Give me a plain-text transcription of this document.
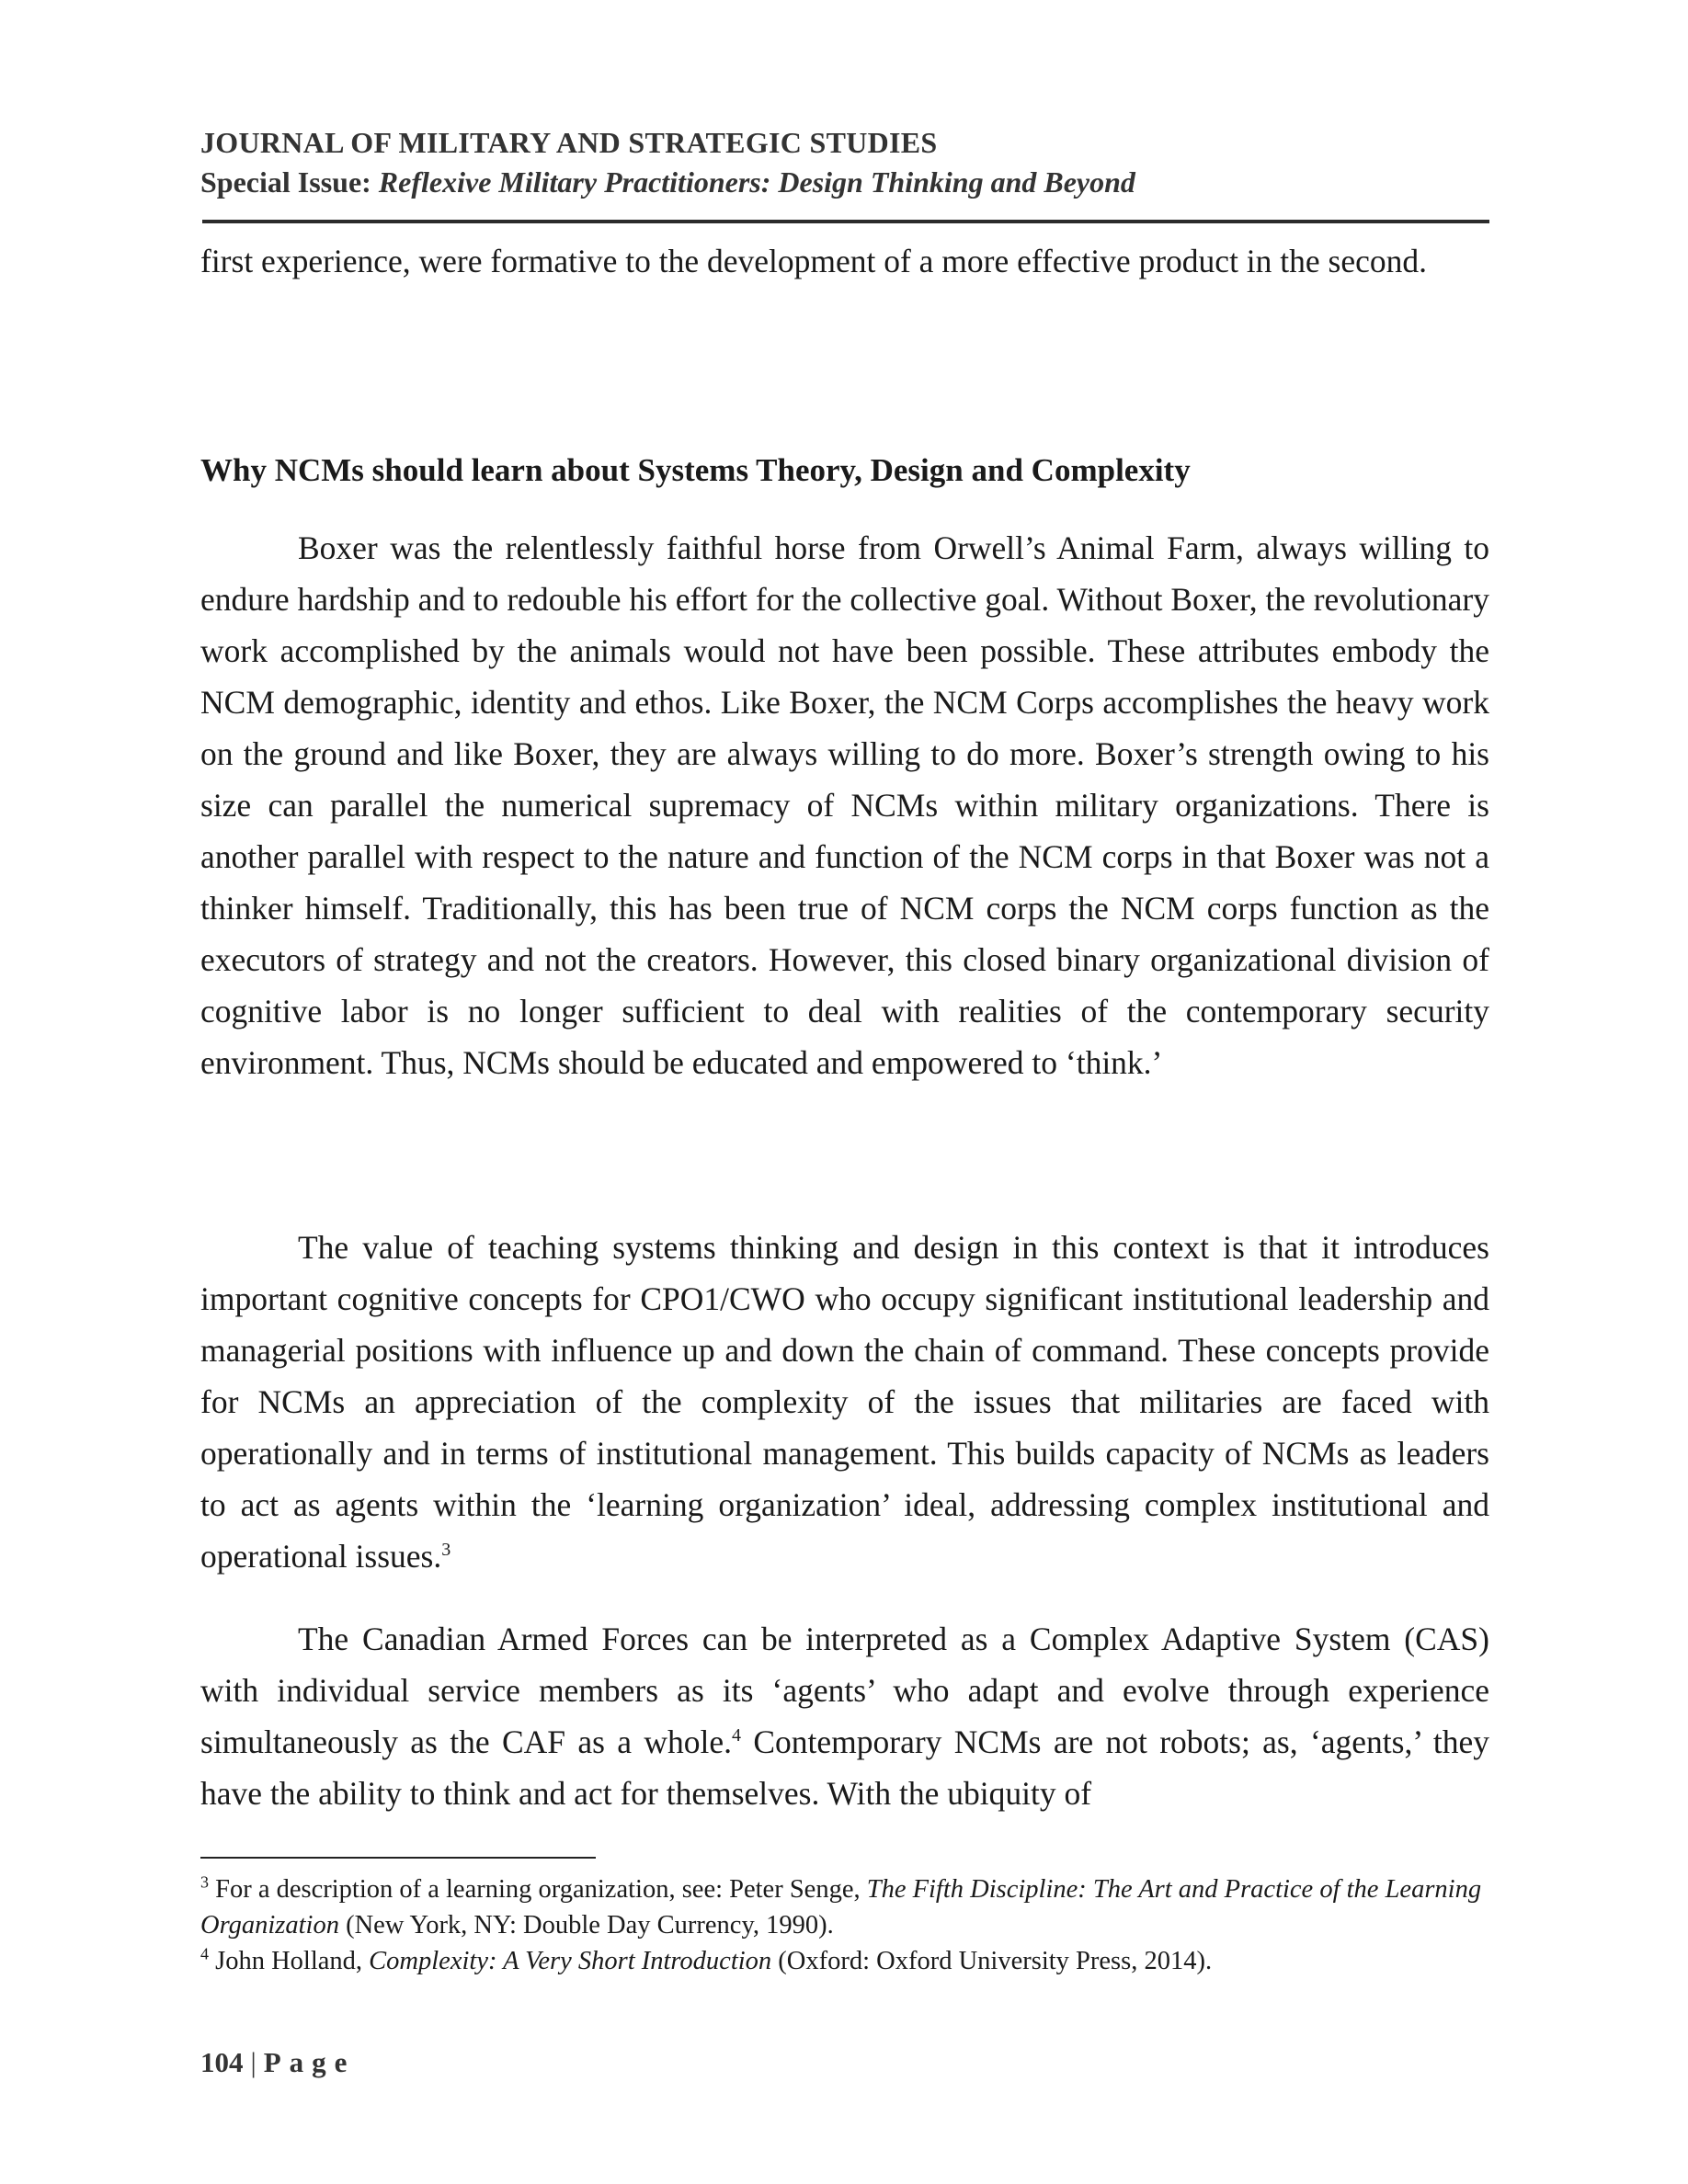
JOURNAL OF MILITARY AND STRATEGIC STUDIES
Special Issue: Reflexive Military Practitioners: Design Thinking and Beyond
first experience, were formative to the development of a more effective product in the second.
Why NCMs should learn about Systems Theory, Design and Complexity
Boxer was the relentlessly faithful horse from Orwell’s Animal Farm, always willing to endure hardship and to redouble his effort for the collective goal. Without Boxer, the revolutionary work accomplished by the animals would not have been possible. These attributes embody the NCM demographic, identity and ethos. Like Boxer, the NCM Corps accomplishes the heavy work on the ground and like Boxer, they are always willing to do more. Boxer’s strength owing to his size can parallel the numerical supremacy of NCMs within military organizations. There is another parallel with respect to the nature and function of the NCM corps in that Boxer was not a thinker himself. Traditionally, this has been true of NCM corps the NCM corps function as the executors of strategy and not the creators. However, this closed binary organizational division of cognitive labor is no longer sufficient to deal with realities of the contemporary security environment. Thus, NCMs should be educated and empowered to ‘think.’
The value of teaching systems thinking and design in this context is that it introduces important cognitive concepts for CPO1/CWO who occupy significant institutional leadership and managerial positions with influence up and down the chain of command. These concepts provide for NCMs an appreciation of the complexity of the issues that militaries are faced with operationally and in terms of institutional management. This builds capacity of NCMs as leaders to act as agents within the ‘learning organization’ ideal, addressing complex institutional and operational issues.$^3$
The Canadian Armed Forces can be interpreted as a Complex Adaptive System (CAS) with individual service members as its ‘agents’ who adapt and evolve through experience simultaneously as the CAF as a whole.$^4$ Contemporary NCMs are not robots; as, ‘agents,’ they have the ability to think and act for themselves. With the ubiquity of
$^3$ For a description of a learning organization, see: Peter Senge, The Fifth Discipline: The Art and Practice of the Learning Organization (New York, NY: Double Day Currency, 1990).
$^4$ John Holland, Complexity: A Very Short Introduction (Oxford: Oxford University Press, 2014).
104 | Page
